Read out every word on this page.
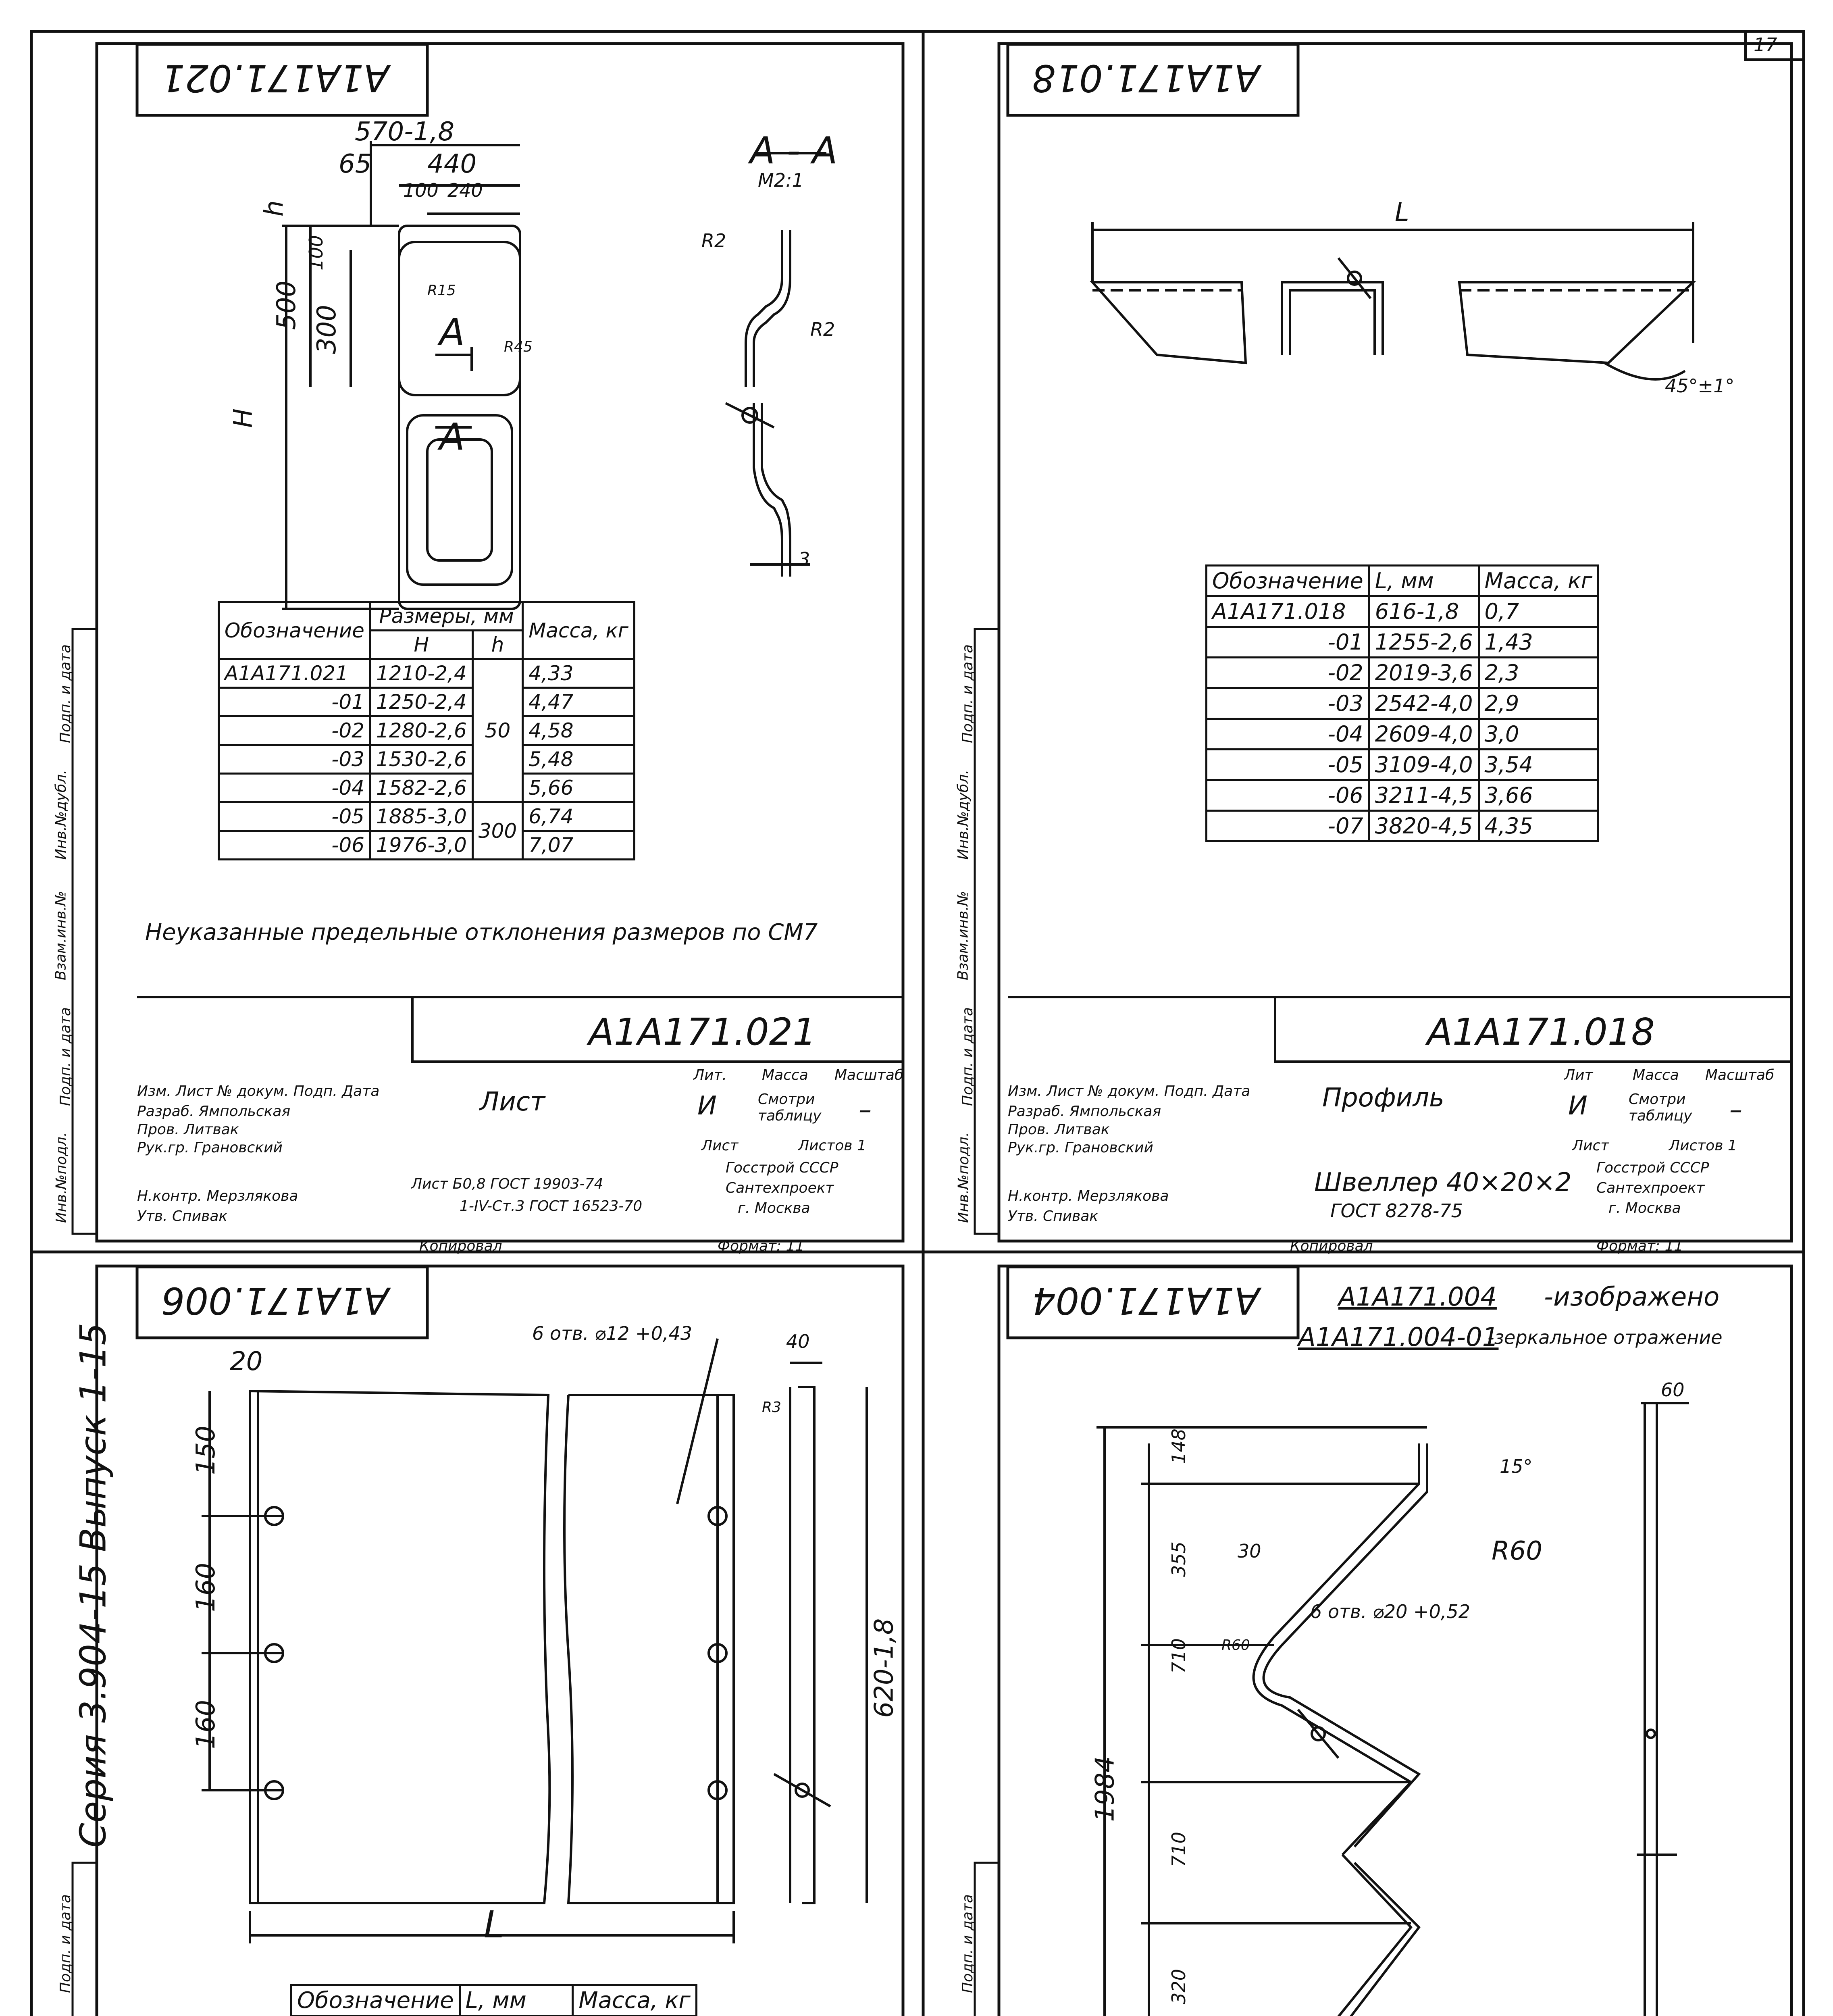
17
Серия 3.904-15 Выпуск 1-15
Инв.№подл.
Подп. и дата
Взам.инв.№
Инв.№дубл.
Подп. и дата
Инв.№подл.
Подп. и дата
Взам.инв.№
Инв.№дубл.
Подп. и дата
Подп. и дата	Подп. и дата
A1A171.021
570-1,8
440
65
100 240
h
100
500 300
H
R15
R45
A
A
А - А
М2:1
R2
R2
3
Обозначение	Размеры, мм		Масса, кг
	H	h	
A1A171.021	1210-2,4	50	4,33
-01	1250-2,4		4,47
-02	1280-2,6		4,58
-03	1530-2,6		5,48
-04	1582-2,6		5,66
-05	1885-3,0	300	6,74
-06	1976-3,0		7,07
Неуказанные предельные отклонения размеров по СМ7
A1A171.021
Лист
Лит. Масса Масштаб
И	Смотри таблицу –
Лист	Листов 1
Лист Б0,8 ГОСТ 19903-74
1-IV-Ст.3 ГОСТ 16523-70
Госстрой СССР
Сантехпроект
г. Москва
Изм. Лист № докум. Подп. Дата
Разраб. Ямпольская
Пров. Литвак
Рук.гр. Грановский
Н.контр. Мерзлякова
Утв. Спивак
Копировал	Формат: 11
A1A171.018
L
45°±1°
Обозначение	L, мм	Масса, кг
A1A171.018	616-1,8	0,7
-01	1255-2,6	1,43
-02	2019-3,6	2,3
-03	2542-4,0	2,9
-04	2609-4,0	3,0
-05	3109-4,0	3,54
-06	3211-4,5	3,66
-07	3820-4,5	4,35
A1A171.018
Профиль
Лит	Масса Масштаб
И	Смотри таблицу –
Лист	Листов 1
Швеллер 40×20×2
ГОСТ 8278-75
Госстрой СССР
Сантехпроект
г. Москва
Изм. Лист № докум. Подп. Дата
Разраб. Ямпольская
Пров. Литвак
Рук.гр. Грановский
Н.контр. Мерзлякова
Утв. Спивак
Копировал	Формат: 11
A1A171.006
20
6 отв. ⌀12 +0,43	40
R3
150
160
160
620-1,8
L
Обозначение	L, мм	Масса, кг

A1A171.004	A1A171.004 -изображено
A1A171.004-01
-зеркальное отражение
60
148
15°
R60
355	30
6 отв. ⌀20 +0,52
R60
710
1984
710
320
